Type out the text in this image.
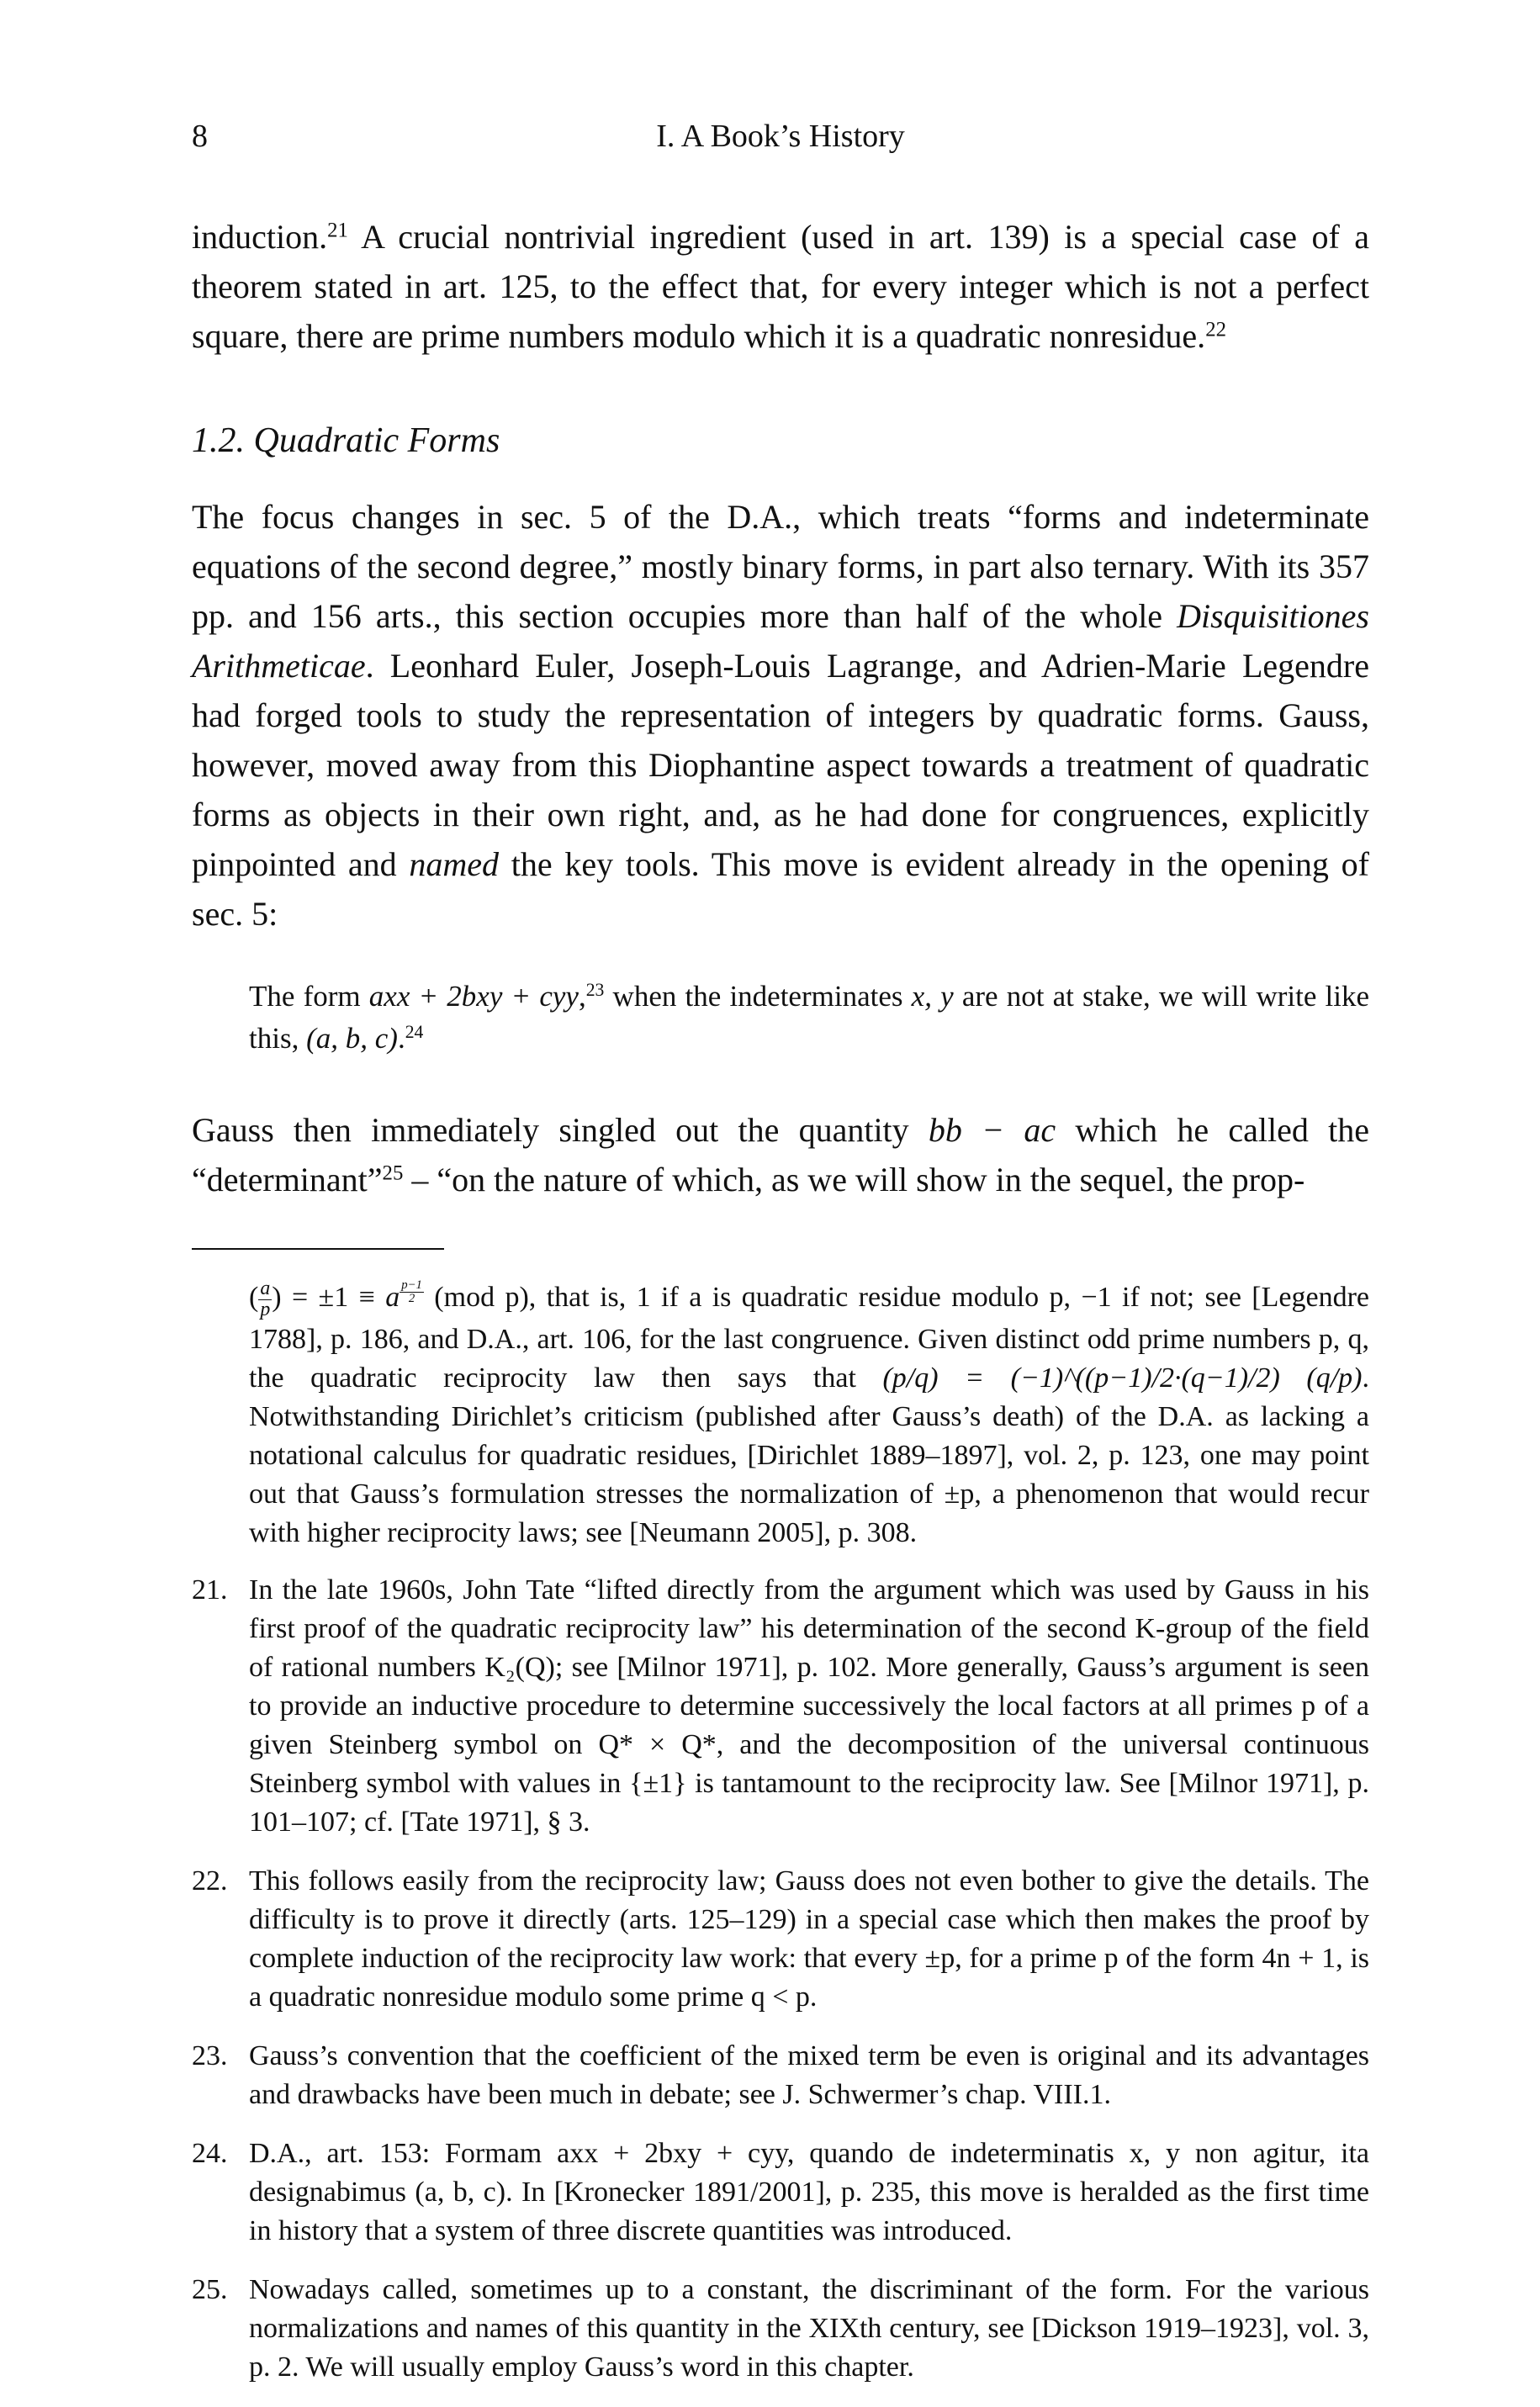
8	I. A Book’s History

induction.$^{21}$ A crucial nontrivial ingredient (used in art. 139) is a special case of a theorem stated in art. 125, to the effect that, for every integer which is not a perfect square, there are prime numbers modulo which it is a quadratic nonresidue.$^{22}$

1.2. Quadratic Forms

The focus changes in sec. 5 of the D.A., which treats “forms and indeterminate equations of the second degree,” mostly binary forms, in part also ternary. With its 357 pp. and 156 arts., this section occupies more than half of the whole Disquisitiones Arithmeticae. Leonhard Euler, Joseph-Louis Lagrange, and Adrien-Marie Legendre had forged tools to study the representation of integers by quadratic forms. Gauss, however, moved away from this Diophantine aspect towards a treatment of quadratic forms as objects in their own right, and, as he had done for congruences, explicitly pinpointed and named the key tools. This move is evident already in the opening of sec. 5:

The form axx + 2bxy + cyy,$^{23}$ when the indeterminates x, y are not at stake, we will write like this, (a, b, c).$^{24}$

Gauss then immediately singled out the quantity bb − ac which he called the “determinant”$^{25}$ – “on the nature of which, as we will show in the sequel, the prop-

( $\frac{a}{p}$ ) = ±1 ≡ a $^{\frac{p-1}{2}}$ (mod p), that is, 1 if a is quadratic residue modulo p, −1 if not; see [Legendre 1788], p. 186, and D.A., art. 106, for the last congruence. Given distinct odd prime numbers p, q, the quadratic reciprocity law then says that (p/q) = (−1)^((p−1)/2·(q−1)/2) (q/p). Notwithstanding Dirichlet’s criticism (published after Gauss’s death) of the D.A. as lacking a notational calculus for quadratic residues, [Dirichlet 1889–1897], vol. 2, p. 123, one may point out that Gauss’s formulation stresses the normalization of ±p, a phenomenon that would recur with higher reciprocity laws; see [Neumann 2005], p. 308.
21. In the late 1960s, John Tate “lifted directly from the argument which was used by Gauss in his first proof of the quadratic reciprocity law” his determination of the second K-group of the field of rational numbers K₂(Q); see [Milnor 1971], p. 102. More generally, Gauss’s argument is seen to provide an inductive procedure to determine successively the local factors at all primes p of a given Steinberg symbol on Q* × Q*, and the decomposition of the universal continuous Steinberg symbol with values in {±1} is tantamount to the reciprocity law. See [Milnor 1971], p. 101–107; cf. [Tate 1971], § 3.
22. This follows easily from the reciprocity law; Gauss does not even bother to give the details. The difficulty is to prove it directly (arts. 125–129) in a special case which then makes the proof by complete induction of the reciprocity law work: that every ±p, for a prime p of the form 4n + 1, is a quadratic nonresidue modulo some prime q < p.
23. Gauss’s convention that the coefficient of the mixed term be even is original and its advantages and drawbacks have been much in debate; see J. Schwermer’s chap. VIII.1.
24. D.A., art. 153: Formam axx + 2bxy + cyy, quando de indeterminatis x, y non agitur, ita designabimus (a, b, c). In [Kronecker 1891/2001], p. 235, this move is heralded as the first time in history that a system of three discrete quantities was introduced.
25. Nowadays called, sometimes up to a constant, the discriminant of the form. For the various normalizations and names of this quantity in the XIXth century, see [Dickson 1919–1923], vol. 3, p. 2. We will usually employ Gauss’s word in this chapter.
